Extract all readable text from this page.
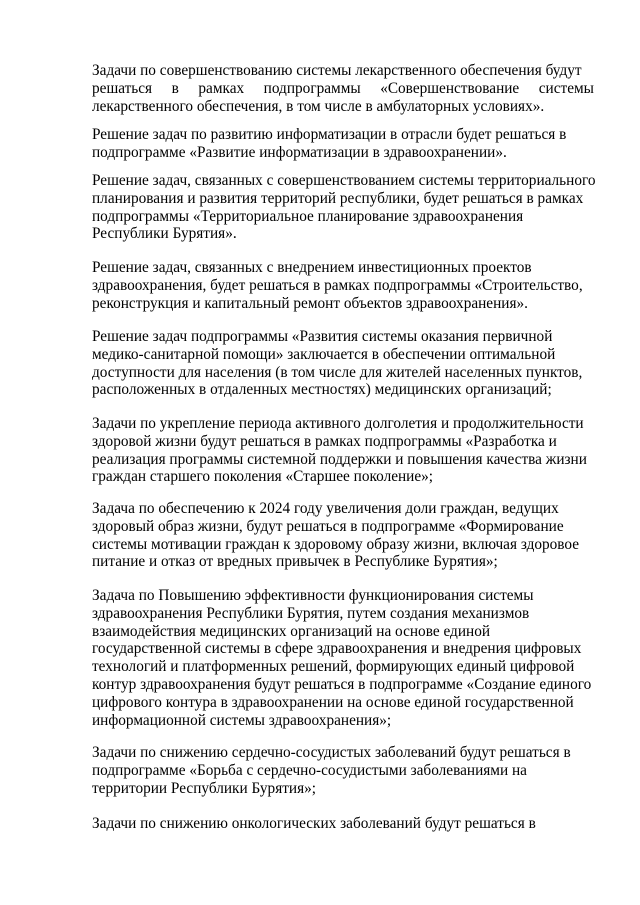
Задачи по совершенствованию системы лекарственного обеспечения будут
решаться в рамках подпрограммы «Совершенствование системы
лекарственного обеспечения, в том числе в амбулаторных условиях».

Решение задач по развитию информатизации в отрасли будет решаться в
подпрограмме «Развитие информатизации в здравоохранении».

Решение задач, связанных с совершенствованием системы территориального
планирования и развития территорий республики, будет решаться в рамках
подпрограммы «Территориальное планирование здравоохранения
Республики Бурятия».

Решение задач, связанных с внедрением инвестиционных проектов
здравоохранения, будет решаться в рамках подпрограммы «Строительство,
реконструкция и капитальный ремонт объектов здравоохранения».

Решение задач подпрограммы «Развития системы оказания первичной
медико-санитарной помощи» заключается в обеспечении оптимальной
доступности для населения (в том числе для жителей населенных пунктов,
расположенных в отдаленных местностях) медицинских организаций;

Задачи по укрепление периода активного долголетия и продолжительности
здоровой жизни будут решаться в рамках подпрограммы «Разработка и
реализация программы системной поддержки и повышения качества жизни
граждан старшего поколения «Старшее поколение»;

Задача по обеспечению к 2024 году увеличения доли граждан, ведущих
здоровый образ жизни, будут решаться в подпрограмме «Формирование
системы мотивации граждан к здоровому образу жизни, включая здоровое
питание и отказ от вредных привычек в Республике Бурятия»;

Задача по Повышению эффективности функционирования системы
здравоохранения Республики Бурятия, путем создания механизмов
взаимодействия медицинских организаций на основе единой
государственной системы в сфере здравоохранения и внедрения цифровых
технологий и платформенных решений, формирующих единый цифровой
контур здравоохранения будут решаться в подпрограмме «Создание единого
цифрового контура в здравоохранении на основе единой государственной
информационной системы здравоохранения»;

Задачи по снижению сердечно-сосудистых заболеваний будут решаться в
подпрограмме «Борьба с сердечно-сосудистыми заболеваниями на
территории Республики Бурятия»;

Задачи по снижению онкологических заболеваний будут решаться в
